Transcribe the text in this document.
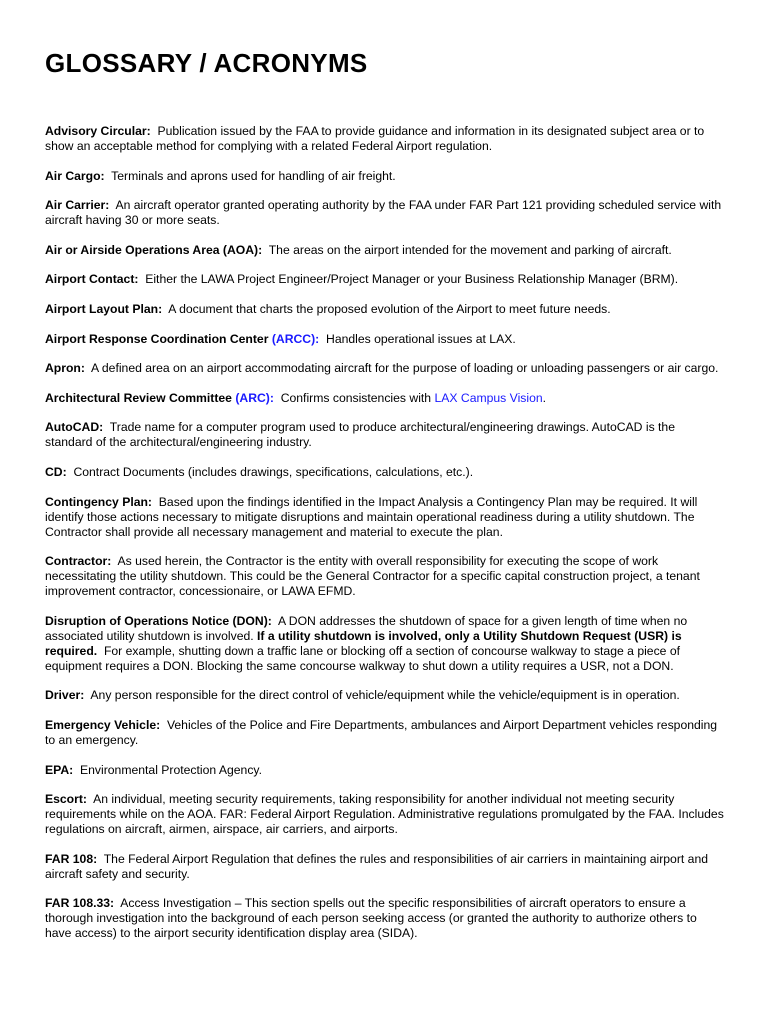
GLOSSARY / ACRONYMS

Advisory Circular: Publication issued by the FAA to provide guidance and information in its designated subject area or to show an acceptable method for complying with a related Federal Airport regulation.

Air Cargo: Terminals and aprons used for handling of air freight.

Air Carrier: An aircraft operator granted operating authority by the FAA under FAR Part 121 providing scheduled service with aircraft having 30 or more seats.

Air or Airside Operations Area (AOA): The areas on the airport intended for the movement and parking of aircraft.

Airport Contact: Either the LAWA Project Engineer/Project Manager or your Business Relationship Manager (BRM).

Airport Layout Plan: A document that charts the proposed evolution of the Airport to meet future needs.

Airport Response Coordination Center (ARCC): Handles operational issues at LAX.

Apron: A defined area on an airport accommodating aircraft for the purpose of loading or unloading passengers or air cargo.

Architectural Review Committee (ARC): Confirms consistencies with LAX Campus Vision.

AutoCAD: Trade name for a computer program used to produce architectural/engineering drawings. AutoCAD is the standard of the architectural/engineering industry.

CD: Contract Documents (includes drawings, specifications, calculations, etc.).

Contingency Plan: Based upon the findings identified in the Impact Analysis a Contingency Plan may be required. It will identify those actions necessary to mitigate disruptions and maintain operational readiness during a utility shutdown. The Contractor shall provide all necessary management and material to execute the plan.

Contractor: As used herein, the Contractor is the entity with overall responsibility for executing the scope of work necessitating the utility shutdown. This could be the General Contractor for a specific capital construction project, a tenant improvement contractor, concessionaire, or LAWA EFMD.

Disruption of Operations Notice (DON): A DON addresses the shutdown of space for a given length of time when no associated utility shutdown is involved. If a utility shutdown is involved, only a Utility Shutdown Request (USR) is required. For example, shutting down a traffic lane or blocking off a section of concourse walkway to stage a piece of equipment requires a DON. Blocking the same concourse walkway to shut down a utility requires a USR, not a DON.

Driver: Any person responsible for the direct control of vehicle/equipment while the vehicle/equipment is in operation.

Emergency Vehicle: Vehicles of the Police and Fire Departments, ambulances and Airport Department vehicles responding to an emergency.

EPA: Environmental Protection Agency.

Escort: An individual, meeting security requirements, taking responsibility for another individual not meeting security requirements while on the AOA. FAR: Federal Airport Regulation. Administrative regulations promulgated by the FAA. Includes regulations on aircraft, airmen, airspace, air carriers, and airports.

FAR 108: The Federal Airport Regulation that defines the rules and responsibilities of air carriers in maintaining airport and aircraft safety and security.

FAR 108.33: Access Investigation – This section spells out the specific responsibilities of aircraft operators to ensure a thorough investigation into the background of each person seeking access (or granted the authority to authorize others to have access) to the airport security identification display area (SIDA).
